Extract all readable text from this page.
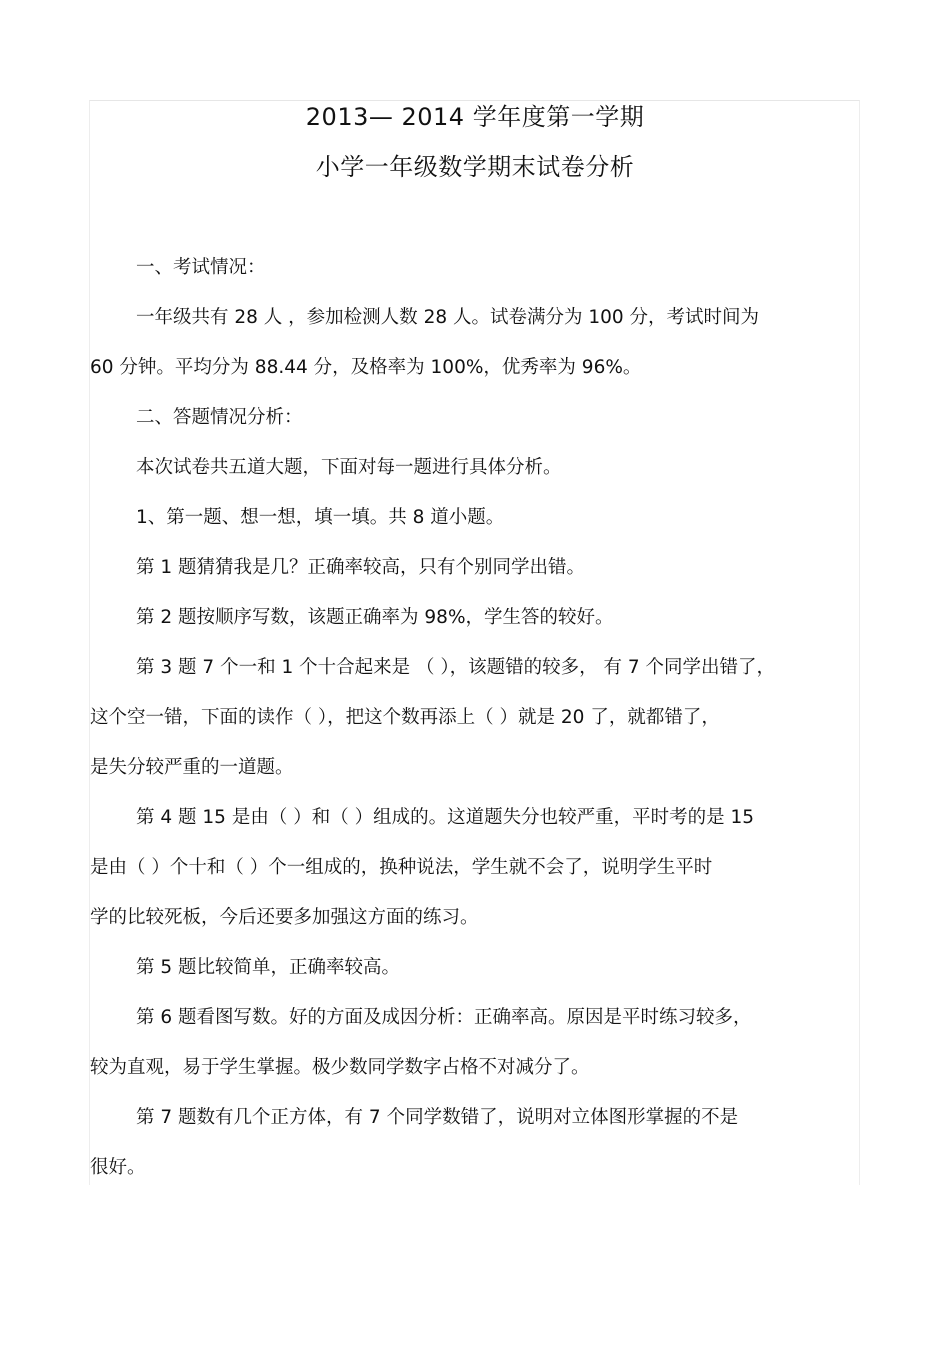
2013— 2014 学年度第一学期
小学一年级数学期末试卷分析
一、考试情况：
一年级共有 28 人 ，参加检测人数 28 人。试卷满分为 100 分，考试时间为
60 分钟。平均分为 88.44 分，及格率为 100%，优秀率为 96%。
二、答题情况分析：
本次试卷共五道大题，下面对每一题进行具体分析。
1、第一题、想一想，填一填。共 8 道小题。
第 1 题猜猜我是几？正确率较高，只有个别同学出错。
第 2 题按顺序写数，该题正确率为 98%，学生答的较好。
第 3 题 7 个一和 1 个十合起来是 （ ），该题错的较多， 有 7 个同学出错了，
这个空一错，下面的读作（ ），把这个数再添上（ ）就是 20 了，就都错了，
是失分较严重的一道题。
第 4 题 15 是由（ ）和（ ）组成的。这道题失分也较严重，平时考的是 15
是由（ ）个十和（ ）个一组成的，换种说法，学生就不会了，说明学生平时
学的比较死板，今后还要多加强这方面的练习。
第 5 题比较简单，正确率较高。
第 6 题看图写数。好的方面及成因分析：正确率高。原因是平时练习较多，
较为直观，易于学生掌握。极少数同学数字占格不对减分了。
第 7 题数有几个正方体，有 7 个同学数错了，说明对立体图形掌握的不是
很好。
